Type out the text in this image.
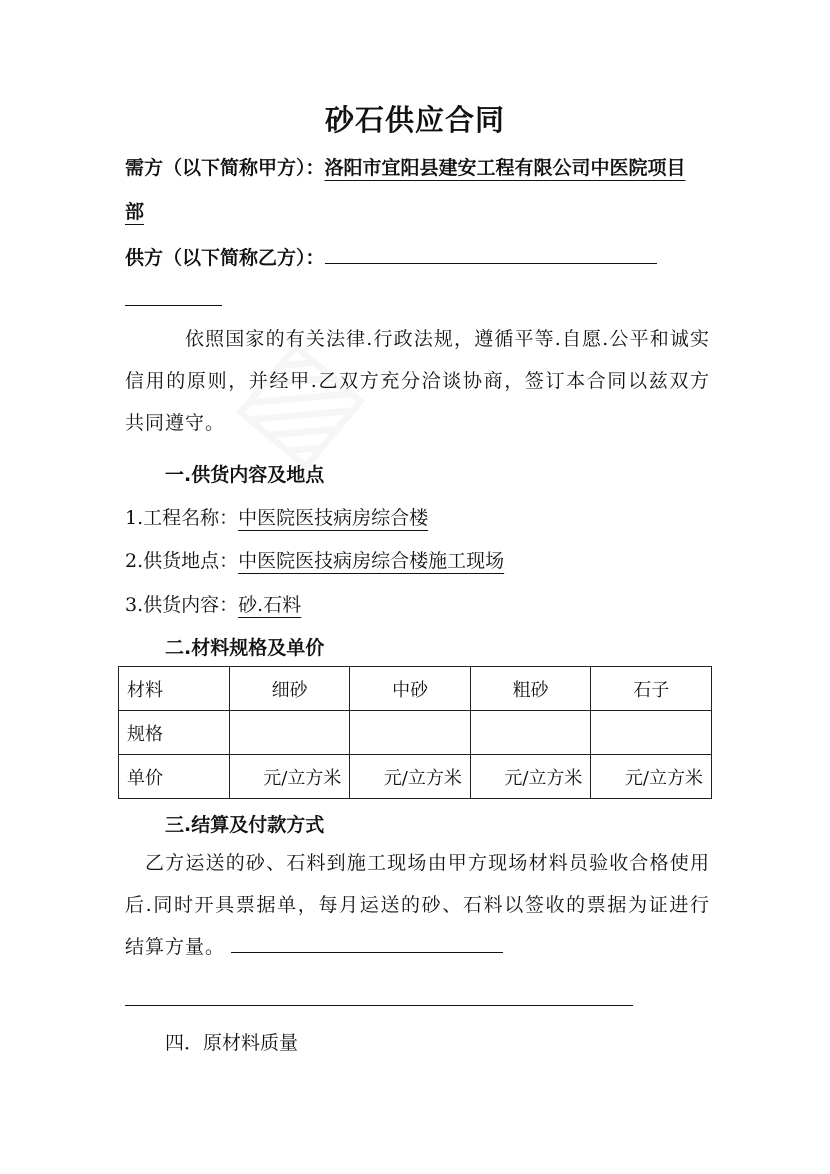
砂石供应合同
需方（以下简称甲方）：洛阳市宜阳县建安工程有限公司中医院项目
部
供方（以下简称乙方）：
依照国家的有关法律.行政法规，遵循平等.自愿.公平和诚实信用的原则，并经甲.乙双方充分洽谈协商，签订本合同以兹双方共同遵守。
一.供货内容及地点
1.工程名称：中医院医技病房综合楼
2.供货地点：中医院医技病房综合楼施工现场
3.供货内容：砂.石料
二.材料规格及单价
材料	细砂	中砂	粗砂	石子
规格				
单价	元/立方米	元/立方米	元/立方米	元/立方米
三.结算及付款方式
乙方运送的砂、石料到施工现场由甲方现场材料员验收合格使用后.同时开具票据单，每月运送的砂、石料以签收的票据为证进行结算方量。
四．原材料质量
